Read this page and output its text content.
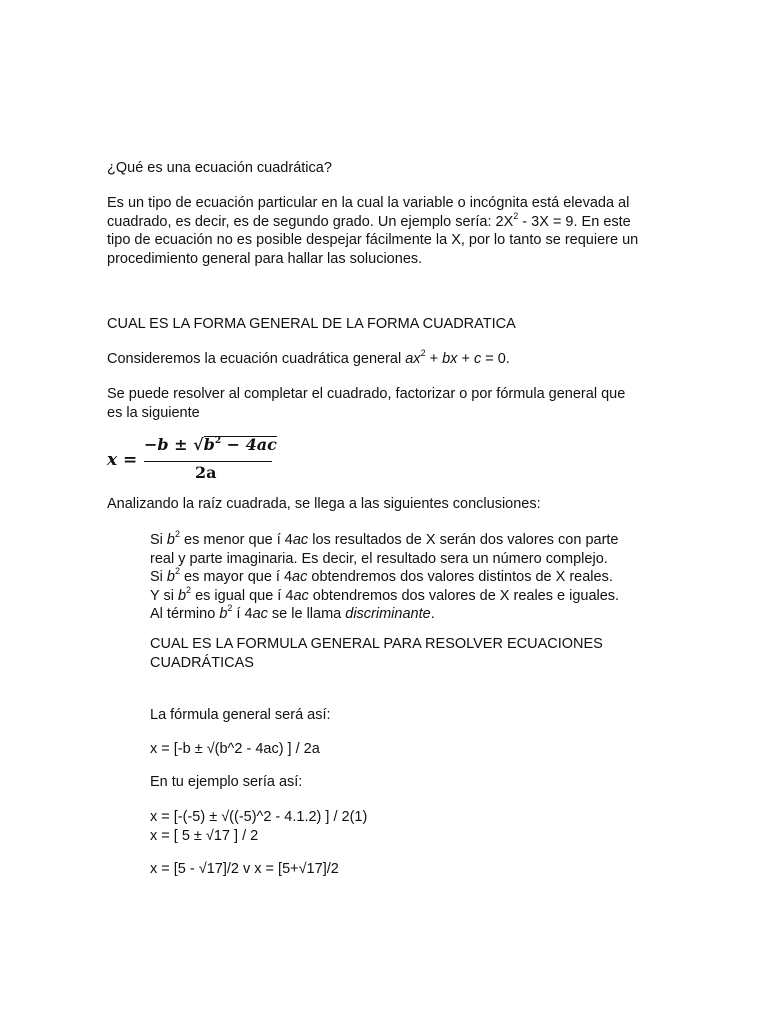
¿Qué es una ecuación cuadrática?

Es un tipo de ecuación particular en la cual la variable o incógnita está elevada al
cuadrado, es decir, es de segundo grado. Un ejemplo sería: $2X^2 - 3X = 9$. En este
tipo de ecuación no es posible despejar fácilmente la X, por lo tanto se requiere un
procedimiento general para hallar las soluciones.

CUAL ES LA FORMA GENERAL DE LA FORMA CUADRATICA

Consideremos la ecuación cuadrática general $ax^2$ + bx + c = 0.

Se puede resolver al completar el cuadrado, factorizar o por fórmula general que
es la siguiente

x =
$-b \pm √b^2 - 4ac$
2a

Analizando la raíz cuadrada, se llega a las siguientes conclusiones:

Si $b^2$ es menor que í 4ac los resultados de X serán dos valores con parte
real y parte imaginaria. Es decir, el resultado sera un número complejo.
Si $b^2$ es mayor que í 4ac obtendremos dos valores distintos de X reales.
Y si $b^2$ es igual que í 4ac obtendremos dos valores de X reales e iguales.
Al término $b^2$ í 4ac se le llama discriminante.

CUAL ES LA FORMULA GENERAL PARA RESOLVER ECUACIONES
CUADRÁTICAS

La fórmula general será así:

x = [-b ± √(b^2 - 4ac) ] / 2a

En tu ejemplo sería así:

x = [-(-5) ± √((-5)^2 - 4.1.2) ] / 2(1)
x = [ 5 ± √17 ] / 2

x = [5 - √17]/2 v x = [5+√17]/2
